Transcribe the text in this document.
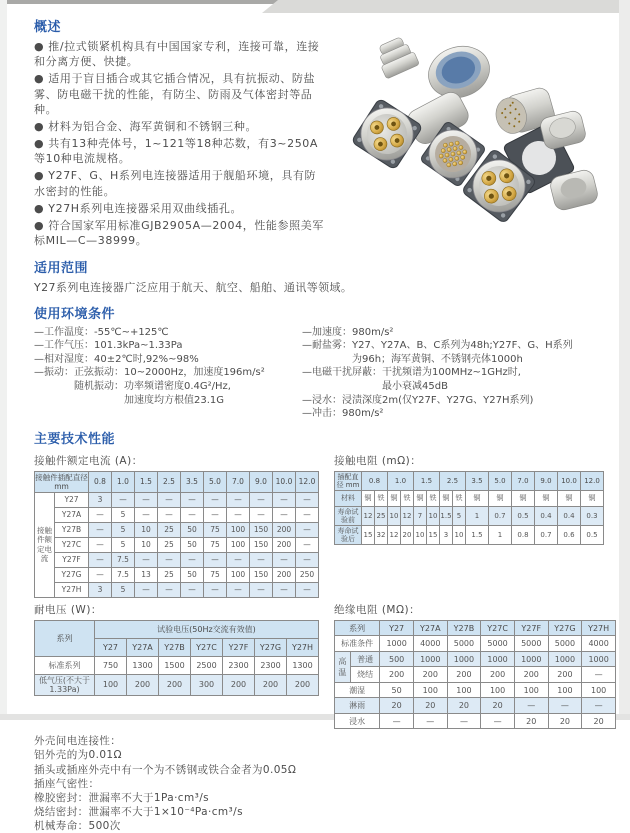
概述

● 推/拉式锁紧机构具有中国国家专利，连接可靠，连接和分离方便、快捷。

● 适用于盲目插合或其它插合情况，具有抗振动、防盐雾、防电磁干扰的性能，有防尘、防雨及气体密封等品种。

● 材料为铝合金、海军黄铜和不锈钢三种。

● 共有13种壳体号，1~121等18种芯数，有3~250A等10种电流规格。

● Y27F、G、H系列电连接器适用于舰船环境，具有防水密封的性能。

● Y27H系列电连接器采用双曲线插孔。

● 符合国家军用标准GJB2905A—2004，性能参照美军标MIL—C—38999。

适用范围

Y27系列电连接器广泛应用于航天、航空、船舶、通讯等领域。

使用环境条件
—工作温度：-55℃~+125℃
—工作气压：101.3kPa~1.33Pa
—相对湿度：40±2℃时,92%~98%
—振动：正弦振动：10~2000Hz，加速度196m/s²
　　　　随机振动：功率频谱密度0.4G²/Hz,
　　　　　　　　　加速度均方根值23.1G
—加速度：980m/s²
—耐盐雾：Y27、Y27A、B、C系列为48h;Y27F、G、H系列
　　　　　为96h；海军黄铜、不锈钢壳体1000h
—电磁干扰屏蔽：干扰频谱为100MHz~1GHz时,
　　　　　　　　最小衰减45dB
—浸水：浸渍深度2m(仅Y27F、Y27G、Y27H系列)
—冲击：980m/s²
主要技术性能

接触件额定电流 (A)：

接触件插配直径 mm		0.8	1.0	1.5	2.5	3.5	5.0	7.0	9.0	10.0	12.0
接触件额定电流	Y27	3	—	—	—	—	—	—	—	—	—
	Y27A	—	5	—	—	—	—	—	—	—	—
	Y27B	—	5	10	25	50	75	100	150	200	—
	Y27C	—	5	10	25	50	75	100	150	200	—
	Y27F	—	7.5	—	—	—	—	—	—	—	—
	Y27G	—	7.5	13	25	50	75	100	150	200	250
	Y27H	3	5	—	—	—	—	—	—	—	—

接触电阻 (mΩ)：

插配直径 mm	0.8		1.0		1.5		2.5		3.5	5.0	7.0	9.0	10.0	12.0
材料	铜	铁	铜	铁	铜	铁	铜	铁	铜	铜	铜	铜	铜	铜
寿命试验前	12	25	10	12	7	10	1.5	5	1	0.7	0.5	0.4	0.4	0.3
寿命试验后	15	32	12	20	10	15	3	10	1.5	1	0.8	0.7	0.6	0.5

耐电压 (W)：

系列	试验电压(50Hz交流有效值)						
	Y27	Y27A	Y27B	Y27C	Y27F	Y27G	Y27H
标准系列	750	1300	1500	2500	2300	2300	1300
低气压(不大于1.33Pa)	100	200	200	300	200	200	200

绝缘电阻 (MΩ)：

系列		Y27	Y27A	Y27B	Y27C	Y27F	Y27G	Y27H
标准条件		1000	4000	5000	5000	5000	5000	4000
高温	普通	500	1000	1000	1000	1000	1000	1000
	烧结	200	200	200	200	200	200	—
潮湿		50	100	100	100	100	100	100
淋雨		20	20	20	20	—	—	—
浸水		—	—	—	—	20	20	20
外壳间电连接性：
铝外壳的为0.01Ω
插头或插座外壳中有一个为不锈钢或铁合金者为0.05Ω
插座气密性：
橡胶密封：泄漏率不大于1Pa·cm³/s
烧结密封：泄漏率不大于1×10⁻⁴Pa·cm³/s
机械寿命：500次
